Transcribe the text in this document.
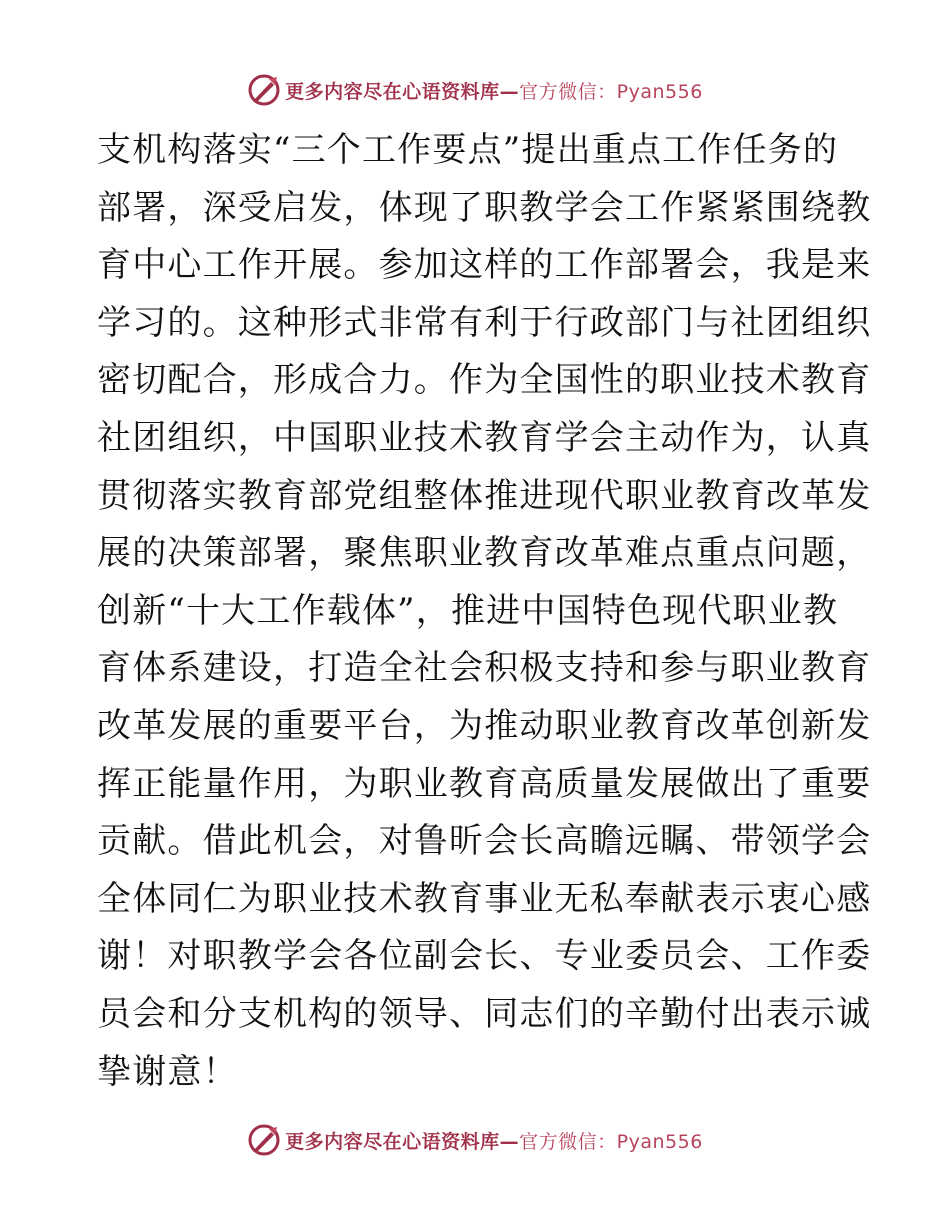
更多内容尽在心语资料库—官方微信：Pyan556
支机构落实“三个工作要点”提出重点工作任务的
部署，深受启发，体现了职教学会工作紧紧围绕教
育中心工作开展。参加这样的工作部署会，我是来
学习的。这种形式非常有利于行政部门与社团组织
密切配合，形成合力。作为全国性的职业技术教育
社团组织，中国职业技术教育学会主动作为，认真
贯彻落实教育部党组整体推进现代职业教育改革发
展的决策部署，聚焦职业教育改革难点重点问题，
创新“十大工作载体”，推进中国特色现代职业教
育体系建设，打造全社会积极支持和参与职业教育
改革发展的重要平台，为推动职业教育改革创新发
挥正能量作用，为职业教育高质量发展做出了重要
贡献。借此机会，对鲁昕会长高瞻远瞩、带领学会
全体同仁为职业技术教育事业无私奉献表示衷心感
谢！对职教学会各位副会长、专业委员会、工作委
员会和分支机构的领导、同志们的辛勤付出表示诚
挚谢意！
更多内容尽在心语资料库—官方微信：Pyan556
